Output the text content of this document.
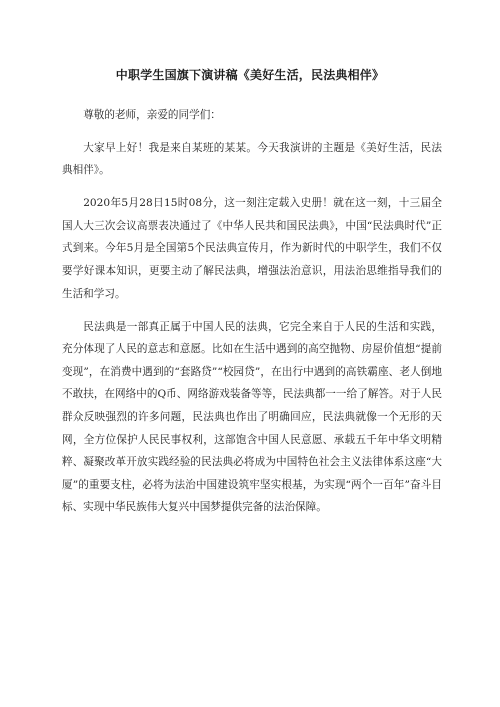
中职学生国旗下演讲稿《美好生活，民法典相伴》

尊敬的老师，亲爱的同学们：

大家早上好！我是来自某班的某某。今天我演讲的主题是《美好生活，民法典相伴》。

2020年5月28日15时08分，这一刻注定载入史册！就在这一刻，十三届全国人大三次会议高票表决通过了《中华人民共和国民法典》，中国“民法典时代”正式到来。今年5月是全国第5个民法典宣传月，作为新时代的中职学生，我们不仅要学好课本知识，更要主动了解民法典，增强法治意识，用法治思维指导我们的生活和学习。

民法典是一部真正属于中国人民的法典，它完全来自于人民的生活和实践，充分体现了人民的意志和意愿。比如在生活中遇到的高空抛物、房屋价值想“提前变现”，在消费中遇到的“套路贷”“校园贷”，在出行中遇到的高铁霸座、老人倒地不敢扶，在网络中的Q币、网络游戏装备等等，民法典都一一给了解答。对于人民群众反映强烈的许多问题，民法典也作出了明确回应，民法典就像一个无形的天网，全方位保护人民民事权利，这部饱含中国人民意愿、承载五千年中华文明精粹、凝聚改革开放实践经验的民法典必将成为中国特色社会主义法律体系这座“大厦”的重要支柱，必将为法治中国建设筑牢坚实根基，为实现“两个一百年”奋斗目标、实现中华民族伟大复兴中国梦提供完备的法治保障。
